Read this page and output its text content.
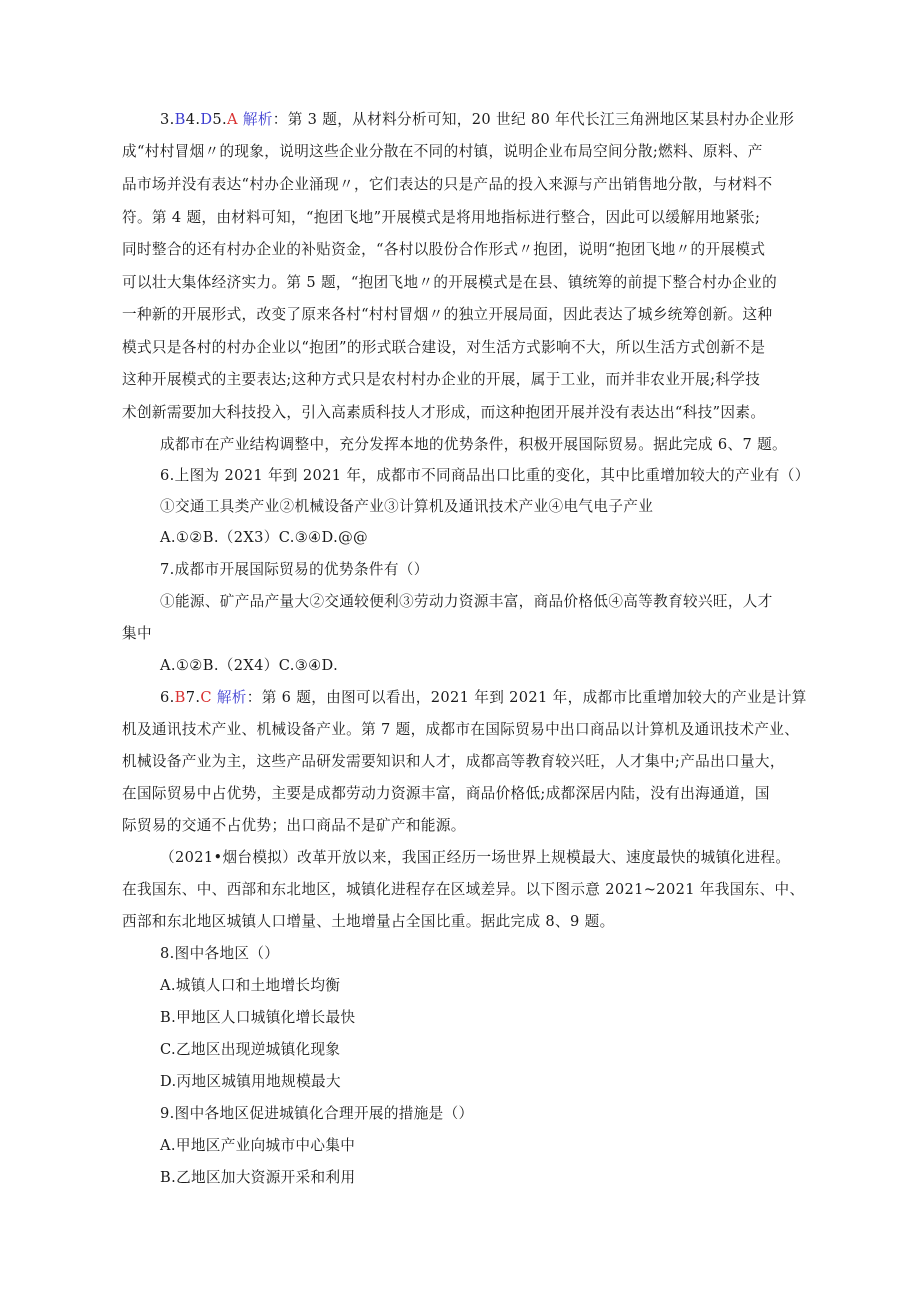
3.B4.D5.A 解析：第 3 题，从材料分析可知，20 世纪 80 年代长江三角洲地区某县村办企业形
成“村村冒烟〃的现象，说明这些企业分散在不同的村镇，说明企业布局空间分散;燃料、原料、产
品市场并没有表达“村办企业涌现〃，它们表达的只是产品的投入来源与产出销售地分散，与材料不
符。第 4 题，由材料可知，“抱团飞地”开展模式是将用地指标进行整合，因此可以缓解用地紧张;
同时整合的还有村办企业的补贴资金，“各村以股份合作形式〃抱团，说明“抱团飞地〃的开展模式
可以壮大集体经济实力。第 5 题，“抱团飞地〃的开展模式是在县、镇统筹的前提下整合村办企业的
一种新的开展形式，改变了原来各村“村村冒烟〃的独立开展局面，因此表达了城乡统筹创新。这种
模式只是各村的村办企业以“抱团”的形式联合建设，对生活方式影响不大，所以生活方式创新不是
这种开展模式的主要表达;这种方式只是农村村办企业的开展，属于工业，而并非农业开展;科学技
术创新需要加大科技投入，引入高素质科技人才形成，而这种抱团开展并没有表达出“科技”因素。
成都市在产业结构调整中，充分发挥本地的优势条件，积极开展国际贸易。据此完成 6、7 题。
6.上图为 2021 年到 2021 年，成都市不同商品出口比重的变化，其中比重增加较大的产业有（）
①交通工具类产业②机械设备产业③计算机及通讯技术产业④电气电子产业
A.①②B.（2X3）C.③④D.@@
7.成都市开展国际贸易的优势条件有（）
①能源、矿产品产量大②交通较便利③劳动力资源丰富，商品价格低④高等教育较兴旺，人才
集中
A.①②B.（2X4）C.③④D.
6.B7.C 解析：第 6 题，由图可以看出，2021 年到 2021 年，成都市比重增加较大的产业是计算
机及通讯技术产业、机械设备产业。第 7 题，成都市在国际贸易中出口商品以计算机及通讯技术产业、
机械设备产业为主，这些产品研发需要知识和人才，成都高等教育较兴旺，人才集中;产品出口量大，
在国际贸易中占优势，主要是成都劳动力资源丰富，商品价格低;成都深居内陆，没有出海通道，国
际贸易的交通不占优势；出口商品不是矿产和能源。
（2021•烟台模拟）改革开放以来，我国正经历一场世界上规模最大、速度最快的城镇化进程。
在我国东、中、西部和东北地区，城镇化进程存在区域差异。以下图示意 2021~2021 年我国东、中、
西部和东北地区城镇人口增量、土地增量占全国比重。据此完成 8、9 题。
8.图中各地区（）
A.城镇人口和土地增长均衡
B.甲地区人口城镇化增长最快
C.乙地区出现逆城镇化现象
D.丙地区城镇用地规模最大
9.图中各地区促进城镇化合理开展的措施是（）
A.甲地区产业向城市中心集中
B.乙地区加大资源开采和利用
